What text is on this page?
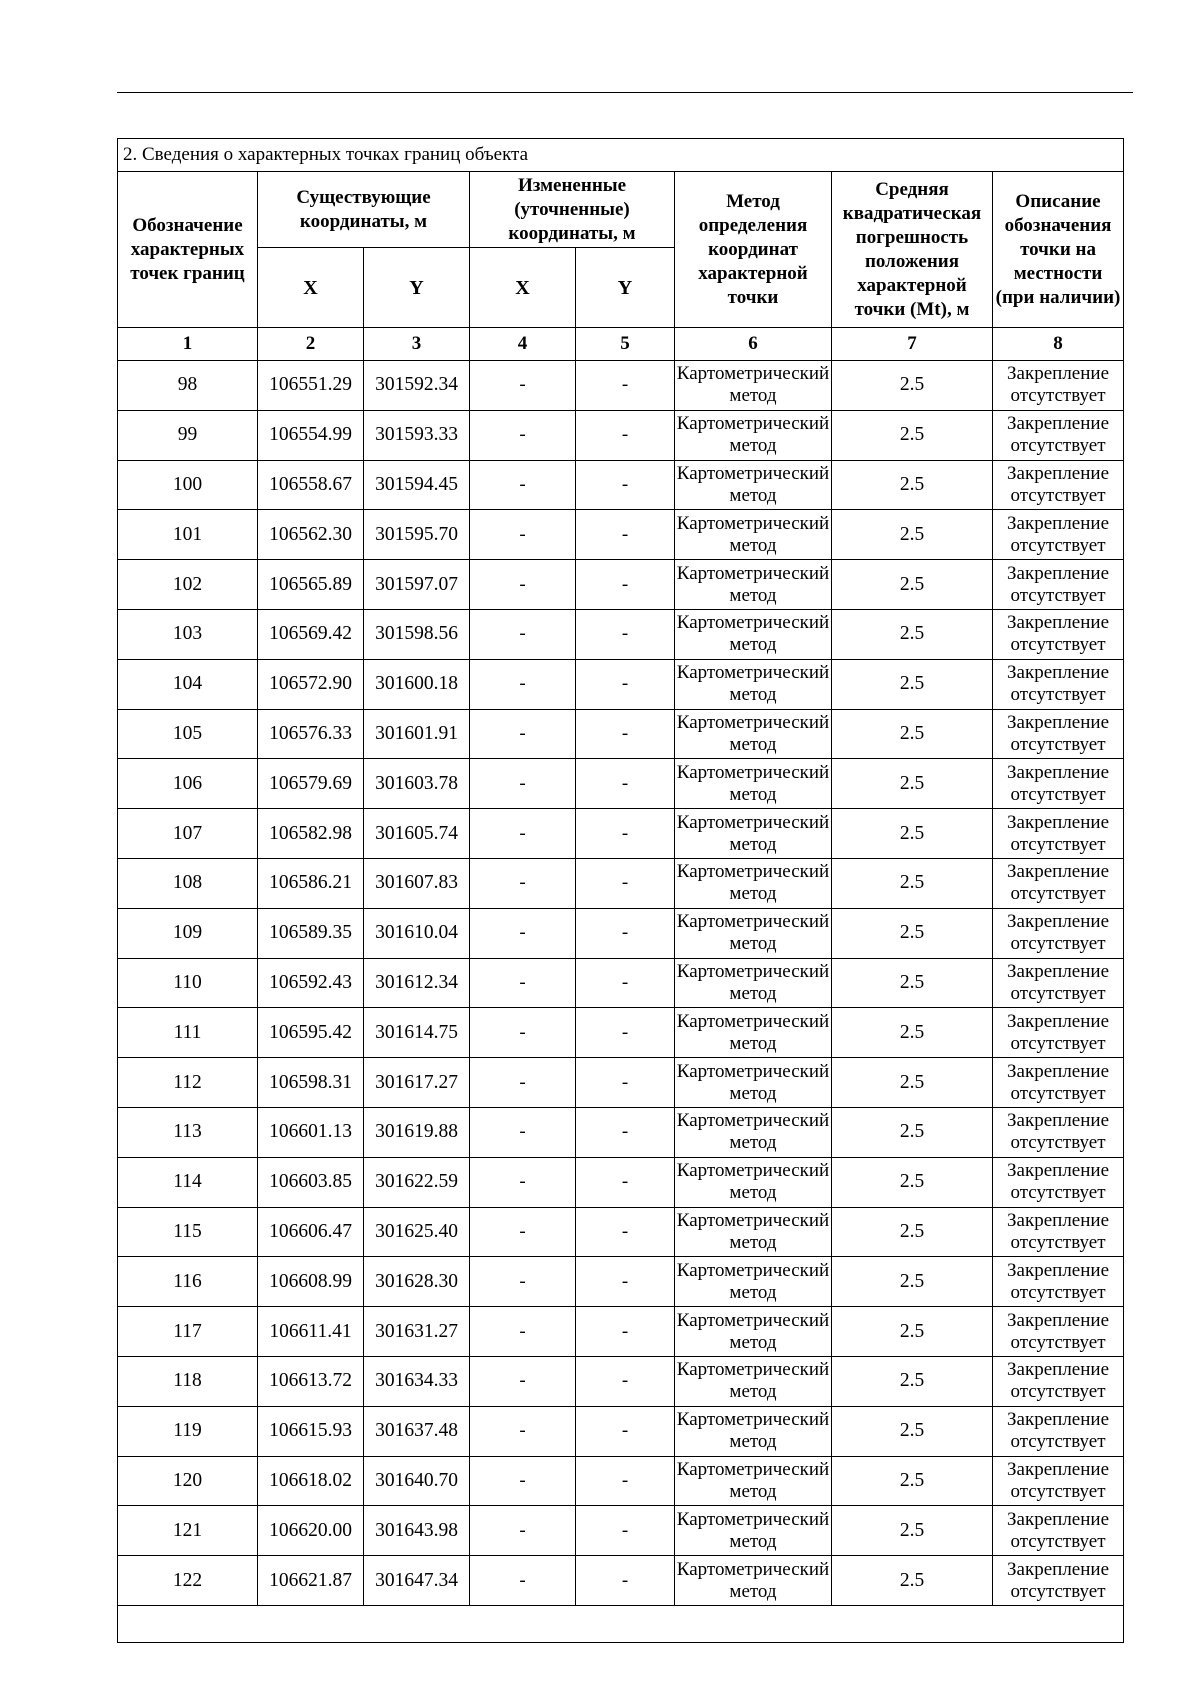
2. Сведения о характерных точках границ объекта							
Обозначение характерных точек границ	Существующие координаты, м		Измененные (уточненные) координаты, м		Метод определения координат характерной точки	Средняя квадратическая погрешность положения характерной точки (Mt), м	Описание обозначения точки на местности (при наличии)
	X	Y	X	Y			
1	2	3	4	5	6	7	8
98	106551.29	301592.34	-	-	Картометрический метод	2.5	Закрепление отсутствует
99	106554.99	301593.33	-	-	Картометрический метод	2.5	Закрепление отсутствует
100	106558.67	301594.45	-	-	Картометрический метод	2.5	Закрепление отсутствует
101	106562.30	301595.70	-	-	Картометрический метод	2.5	Закрепление отсутствует
102	106565.89	301597.07	-	-	Картометрический метод	2.5	Закрепление отсутствует
103	106569.42	301598.56	-	-	Картометрический метод	2.5	Закрепление отсутствует
104	106572.90	301600.18	-	-	Картометрический метод	2.5	Закрепление отсутствует
105	106576.33	301601.91	-	-	Картометрический метод	2.5	Закрепление отсутствует
106	106579.69	301603.78	-	-	Картометрический метод	2.5	Закрепление отсутствует
107	106582.98	301605.74	-	-	Картометрический метод	2.5	Закрепление отсутствует
108	106586.21	301607.83	-	-	Картометрический метод	2.5	Закрепление отсутствует
109	106589.35	301610.04	-	-	Картометрический метод	2.5	Закрепление отсутствует
110	106592.43	301612.34	-	-	Картометрический метод	2.5	Закрепление отсутствует
111	106595.42	301614.75	-	-	Картометрический метод	2.5	Закрепление отсутствует
112	106598.31	301617.27	-	-	Картометрический метод	2.5	Закрепление отсутствует
113	106601.13	301619.88	-	-	Картометрический метод	2.5	Закрепление отсутствует
114	106603.85	301622.59	-	-	Картометрический метод	2.5	Закрепление отсутствует
115	106606.47	301625.40	-	-	Картометрический метод	2.5	Закрепление отсутствует
116	106608.99	301628.30	-	-	Картометрический метод	2.5	Закрепление отсутствует
117	106611.41	301631.27	-	-	Картометрический метод	2.5	Закрепление отсутствует
118	106613.72	301634.33	-	-	Картометрический метод	2.5	Закрепление отсутствует
119	106615.93	301637.48	-	-	Картометрический метод	2.5	Закрепление отсутствует
120	106618.02	301640.70	-	-	Картометрический метод	2.5	Закрепление отсутствует
121	106620.00	301643.98	-	-	Картометрический метод	2.5	Закрепление отсутствует
122	106621.87	301647.34	-	-	Картометрический метод	2.5	Закрепление отсутствует
